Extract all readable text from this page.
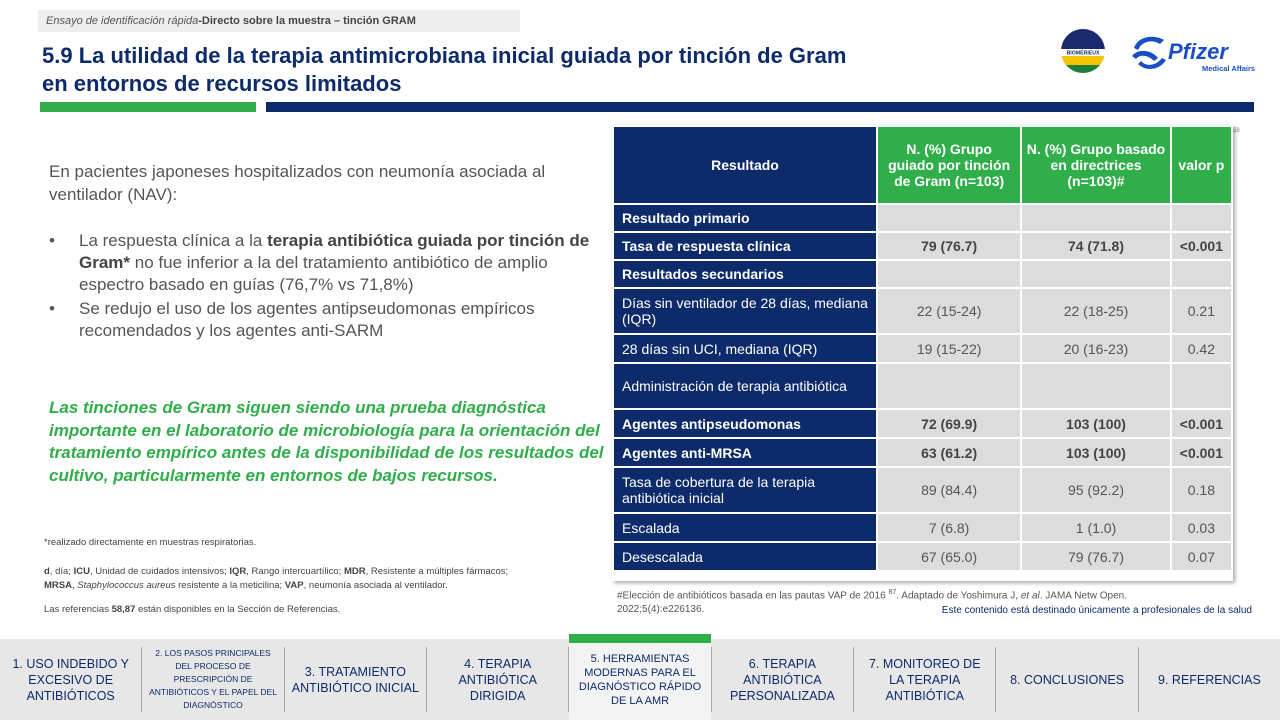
Ensayo de identificación rápida-Directo sobre la muestra – tinción GRAM
5.9 La utilidad de la terapia antimicrobiana inicial guiada por tinción de Gram
en entornos de recursos limitados
BIOMÉRIEUX	Pfizer
Medical Affairs

En pacientes japoneses hospitalizados con neumonía asociada al ventilador (NAV):

• La respuesta clínica a la terapia antibiótica guiada por tinción de Gram* no fue inferior a la del tratamiento antibiótico de amplio espectro basado en guías (76,7% vs 71,8%)
• Se redujo el uso de los agentes antipseudomonas empíricos recomendados y los agentes anti-SARM

Las tinciones de Gram siguen siendo una prueba diagnóstica importante en el laboratorio de microbiología para la orientación del tratamiento empírico antes de la disponibilidad de los resultados del cultivo, particularmente en entornos de bajos recursos.

*realizado directamente en muestras respiratorias.
d, día; ICU, Unidad de cuidados intensivos; IQR, Rango intercuartílico; MDR, Resistente a múltiples fármacos;
MRSA, Staphylococcus aureus resistente a la meticilina; VAP, neumonía asociada al ventilador.
Las referencias 58,87 están disponibles en la Sección de Referencias.
58
Resultado	N. (%) Grupo guiado por tinción de Gram (n=103)	N. (%) Grupo basado en directrices (n=103)#	valor p
Resultado primario			
Tasa de respuesta clínica	79 (76.7)	74 (71.8)	<0.001
Resultados secundarios			
Días sin ventilador de 28 días, mediana (IQR)	22 (15-24)	22 (18-25)	0.21
28 días sin UCI, mediana (IQR)	19 (15-22)	20 (16-23)	0.42
Administración de terapia antibiótica			
Agentes antipseudomonas	72 (69.9)	103 (100)	<0.001
Agentes anti-MRSA	63 (61.2)	103 (100)	<0.001
Tasa de cobertura de la terapia antibiótica inicial	89 (84.4)	95 (92.2)	0.18
Escalada	7 (6.8)	1 (1.0)	0.03
Desescalada	67 (65.0)	79 (76.7)	0.07
#Elección de antibióticos basada en las pautas VAP de 2016 $^{87}$. Adaptado de Yoshimura J, et al. JAMA Netw Open. 2022;5(4):e226136.	Este contenido está destinado únicamente a profesionales de la salud
1. USO INDEBIDO Y EXCESIVO DE ANTIBIÓTICOS
2. LOS PASOS PRINCIPALES DEL PROCESO DE PRESCRIPCIÓN DE ANTIBIÓTICOS Y EL PAPEL DEL DIAGNÓSTICO
3. TRATAMIENTO ANTIBIÓTICO INICIAL
4. TERAPIA ANTIBIÓTICA DIRIGIDA
5. HERRAMIENTAS MODERNAS PARA EL DIAGNÓSTICO RÁPIDO DE LA AMR
6. TERAPIA ANTIBIÓTICA PERSONALIZADA
7. MONITOREO DE LA TERAPIA ANTIBIÓTICA
8. CONCLUSIONES	9. REFERENCIAS
